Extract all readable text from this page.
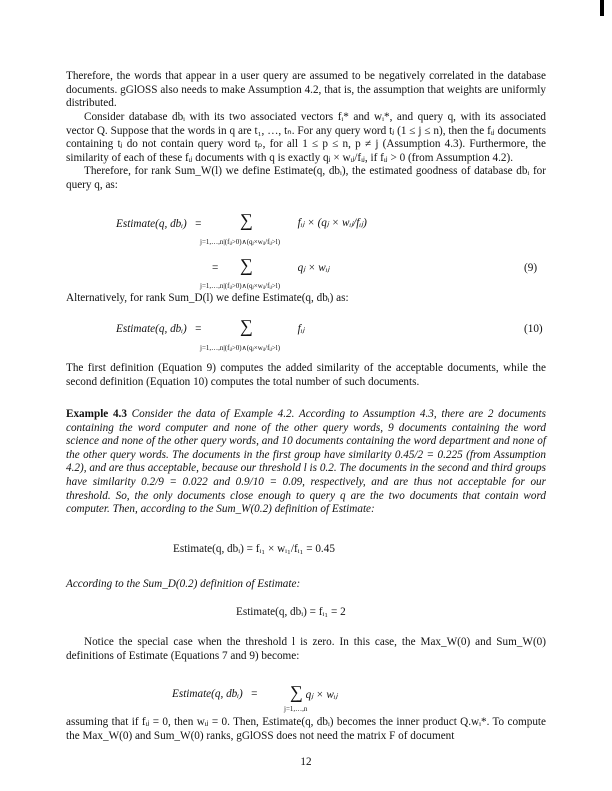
Therefore, the words that appear in a user query are assumed to be negatively correlated in the database documents. gGlOSS also needs to make Assumption 4.2, that is, the assumption that weights are uniformly distributed.
Consider database dbᵢ with its two associated vectors fᵢ* and wᵢ*, and query q, with its associated vector Q. Suppose that the words in q are t₁, …, tₙ. For any query word tⱼ (1 ≤ j ≤ n), then the fᵢⱼ documents containing tⱼ do not contain query word tₚ, for all 1 ≤ p ≤ n, p ≠ j (Assumption 4.3). Furthermore, the similarity of each of these fᵢⱼ documents with q is exactly qⱼ × wᵢⱼ/fᵢⱼ, if fᵢⱼ > 0 (from Assumption 4.2).
Therefore, for rank Sum_W(l) we define Estimate(q, dbᵢ), the estimated goodness of database dbᵢ for query q, as:
Estimate(q, dbᵢ)   = ∑	fᵢⱼ × (qⱼ × wᵢⱼ/fᵢⱼ)
j=1,…,n|(fᵢⱼ>0)∧(qⱼ×wᵢⱼ/fᵢⱼ>l)
= ∑	qⱼ × wᵢⱼ
j=1,…,n|(fᵢⱼ>0)∧(qⱼ×wᵢⱼ/fᵢⱼ>l)
(9)
Alternatively, for rank Sum_D(l) we define Estimate(q, dbᵢ) as:
Estimate(q, dbᵢ)   = ∑	fᵢⱼ
j=1,…,n|(fᵢⱼ>0)∧(qⱼ×wᵢⱼ/fᵢⱼ>l)
(10)
The first definition (Equation 9) computes the added similarity of the acceptable documents, while the second definition (Equation 10) computes the total number of such documents.
Example 4.3 Consider the data of Example 4.2. According to Assumption 4.3, there are 2 documents containing the word computer and none of the other query words, 9 documents containing the word science and none of the other query words, and 10 documents containing the word department and none of the other query words. The documents in the first group have similarity 0.45/2 = 0.225 (from Assumption 4.2), and are thus acceptable, because our threshold l is 0.2. The documents in the second and third groups have similarity 0.2/9 = 0.022 and 0.9/10 = 0.09, respectively, and are thus not acceptable for our threshold. So, the only documents close enough to query q are the two documents that contain word computer. Then, according to the Sum_W(0.2) definition of Estimate:
Estimate(q, dbᵢ) = fᵢ₁ × wᵢ₁/fᵢ₁ = 0.45
According to the Sum_D(0.2) definition of Estimate:
Estimate(q, dbᵢ) = fᵢ₁ = 2
Notice the special case when the threshold l is zero. In this case, the Max_W(0) and Sum_W(0) definitions of Estimate (Equations 7 and 9) become:
Estimate(q, dbᵢ)   = ∑ qⱼ × wᵢⱼ
j=1,…,n
assuming that if fᵢⱼ = 0, then wᵢⱼ = 0. Then, Estimate(q, dbᵢ) becomes the inner product Q.wᵢ*. To compute the Max_W(0) and Sum_W(0) ranks, gGlOSS does not need the matrix F of document
12
